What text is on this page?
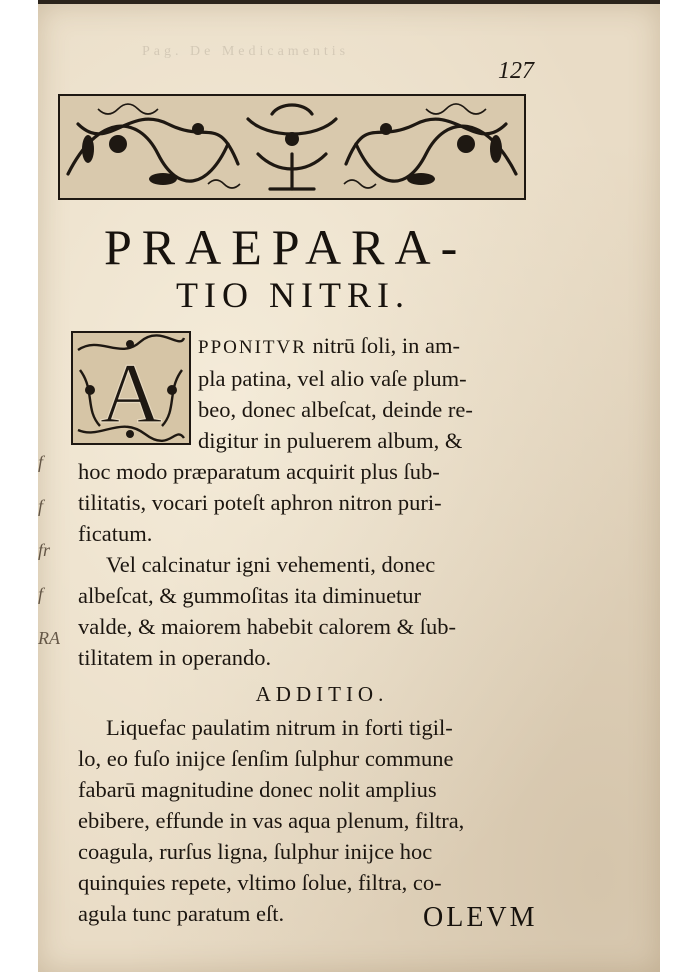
f
f
fr
f
RA
Pag. De Medicamentis
127
PRAEPARA-
TIO NITRI.
A	PPONITVR nitrū ſoli, in am-
pla patina, vel alio vaſe plum-
beo, donec albeſcat, deinde re-
digitur in puluerem album, &
hoc modo præparatum acquirit plus ſub-
tilitatis, vocari poteſt aphron nitron puri-
ficatum.
Vel calcinatur igni vehementi, donec
albeſcat, & gummoſitas ita diminuetur
valde, & maiorem habebit calorem & ſub-
tilitatem in operando.
ADDITIO.
Liquefac paulatim nitrum in forti tigil-
lo, eo fuſo inijce ſenſim ſulphur commune
fabarū magnitudine donec nolit amplius
ebibere, effunde in vas aqua plenum, filtra,
coagula, rurſus ligna, ſulphur inijce hoc
quinquies repete, vltimo ſolue, filtra, co-
agula tunc paratum eſt.	OLEVM
